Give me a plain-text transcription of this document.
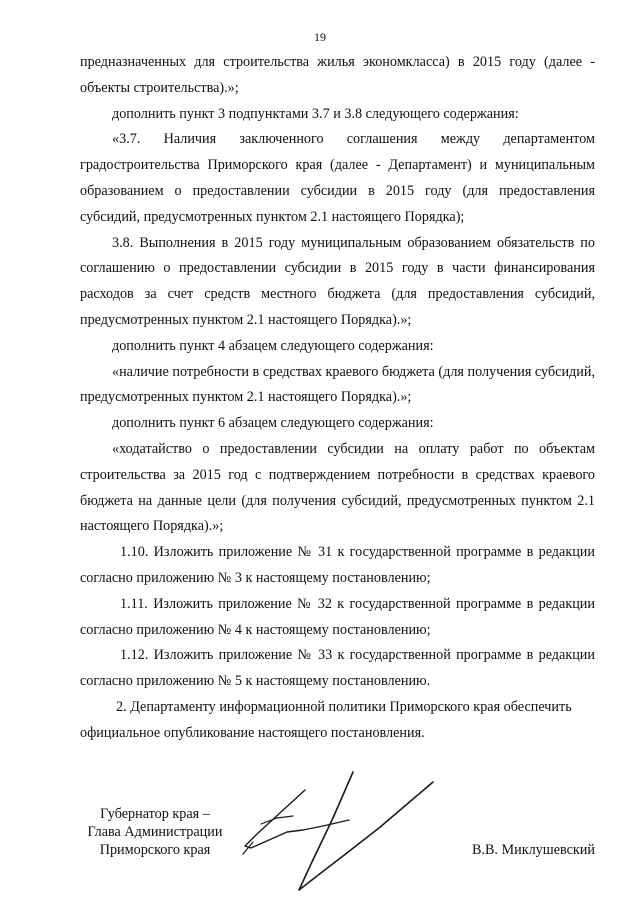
19

предназначенных для строительства жилья экономкласса) в 2015 году (далее - объекты строительства).»;

дополнить пункт 3 подпунктами 3.7 и 3.8 следующего содержания:

«3.7. Наличия заключенного соглашения между департаментом градостроительства Приморского края (далее - Департамент) и муниципальным образованием о предоставлении субсидии в 2015 году (для предоставления субсидий, предусмотренных пунктом 2.1 настоящего Порядка);

3.8. Выполнения в 2015 году муниципальным образованием обязательств по соглашению о предоставлении субсидии в 2015 году в части финансирования расходов за счет средств местного бюджета (для предоставления субсидий, предусмотренных пунктом 2.1 настоящего Порядка).»;

дополнить пункт 4 абзацем следующего содержания:

«наличие потребности в средствах краевого бюджета (для получения субсидий, предусмотренных пунктом 2.1 настоящего Порядка).»;

дополнить пункт 6 абзацем следующего содержания:

«ходатайство о предоставлении субсидии на оплату работ по объектам строительства за 2015 год с подтверждением потребности в средствах краевого бюджета на данные цели (для получения субсидий, предусмотренных пунктом 2.1 настоящего Порядка).»;

1.10. Изложить приложение № 31 к государственной программе в редакции согласно приложению № 3 к настоящему постановлению;

1.11. Изложить приложение № 32 к государственной программе в редакции согласно приложению № 4 к настоящему постановлению;

1.12. Изложить приложение № 33 к государственной программе в редакции согласно приложению № 5 к настоящему постановлению.

2. Департаменту информационной политики Приморского края обеспечить официальное опубликование настоящего постановления.

Губернатор края –
Глава Администрации
Приморского края	В.В. Миклушевский
